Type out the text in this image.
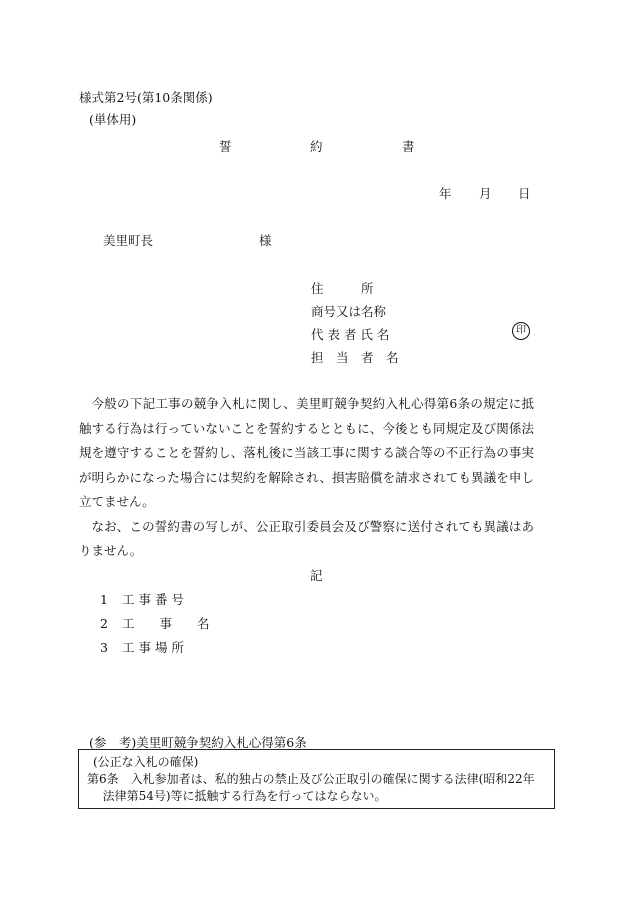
様式第2号(第10条関係)
(単体用)
誓	約	書
年 月 日
美里町長	様
住　　　所
商号又は名称
代 表 者 氏 名	印
担　当　者　名

今般の下記工事の競争入札に関し、美里町競争契約入札心得第6条の規定に抵触する行為は行っていないことを誓約するとともに、今後とも同規定及び関係法規を遵守することを誓約し、落札後に当該工事に関する談合等の不正行為の事実が明らかになった場合には契約を解除され、損害賠償を請求されても異議を申し立てません。

なお、この誓約書の写しが、公正取引委員会及び警察に送付されても異議はありません。

記
1 工 事 番 号
2 工　　事　　名
3 工 事 場 所
(参　考)美里町競争契約入札心得第6条
(公正な入札の確保)
第6条　入札参加者は、私的独占の禁止及び公正取引の確保に関する法律(昭和22年法律第54号)等に抵触する行為を行ってはならない。
